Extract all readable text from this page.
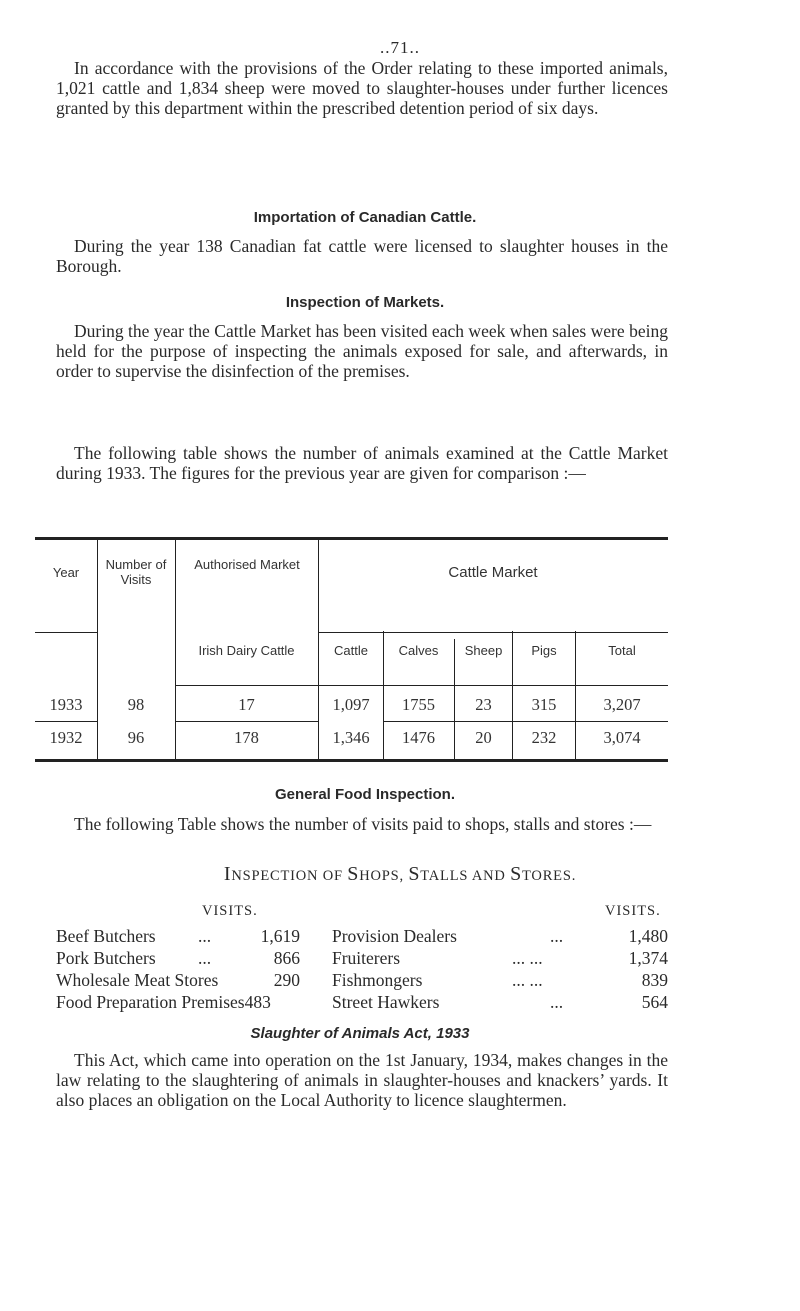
..71..

In accordance with the provisions of the Order relating to these imported animals, 1,021 cattle and 1,834 sheep were moved to slaughter-houses under further licences granted by this department within the prescribed detention period of six days.

Importation of Canadian Cattle.

During the year 138 Canadian fat cattle were licensed to slaughter houses in the Borough.

Inspection of Markets.

During the year the Cattle Market has been visited each week when sales were being held for the purpose of inspecting the animals exposed for sale, and afterwards, in order to supervise the disinfection of the premises.

The following table shows the number of animals examined at the Cattle Market during 1933. The figures for the previous year are given for comparison :—

Year
Number of Visits
Authorised Market	Cattle Market
Irish Dairy Cattle	Cattle	Calves	Sheep	Pigs	Total
1933	98	17	1,097	1755	23	315	3,207
1932	96	178	1,346	1476	20	232	3,074
General Food Inspection.

The following Table shows the number of visits paid to shops, stalls and stores :—

INSPECTION OF SHOPS, STALLS AND STORES.
VISITS.	VISITS.
Beef Butchers ...	1,619
Pork Butchers ...	866
Wholesale Meat Stores	290
Food Preparation Premises483
Provision Dealers	...	1,480
Fruiterers	... ...	1,374
Fishmongers	... ...	839
Street Hawkers	...	564
Slaughter of Animals Act, 1933

This Act, which came into operation on the 1st January, 1934, makes changes in the law relating to the slaughtering of animals in slaughter-houses and knackers’ yards. It also places an obligation on the Local Authority to licence slaughtermen.
